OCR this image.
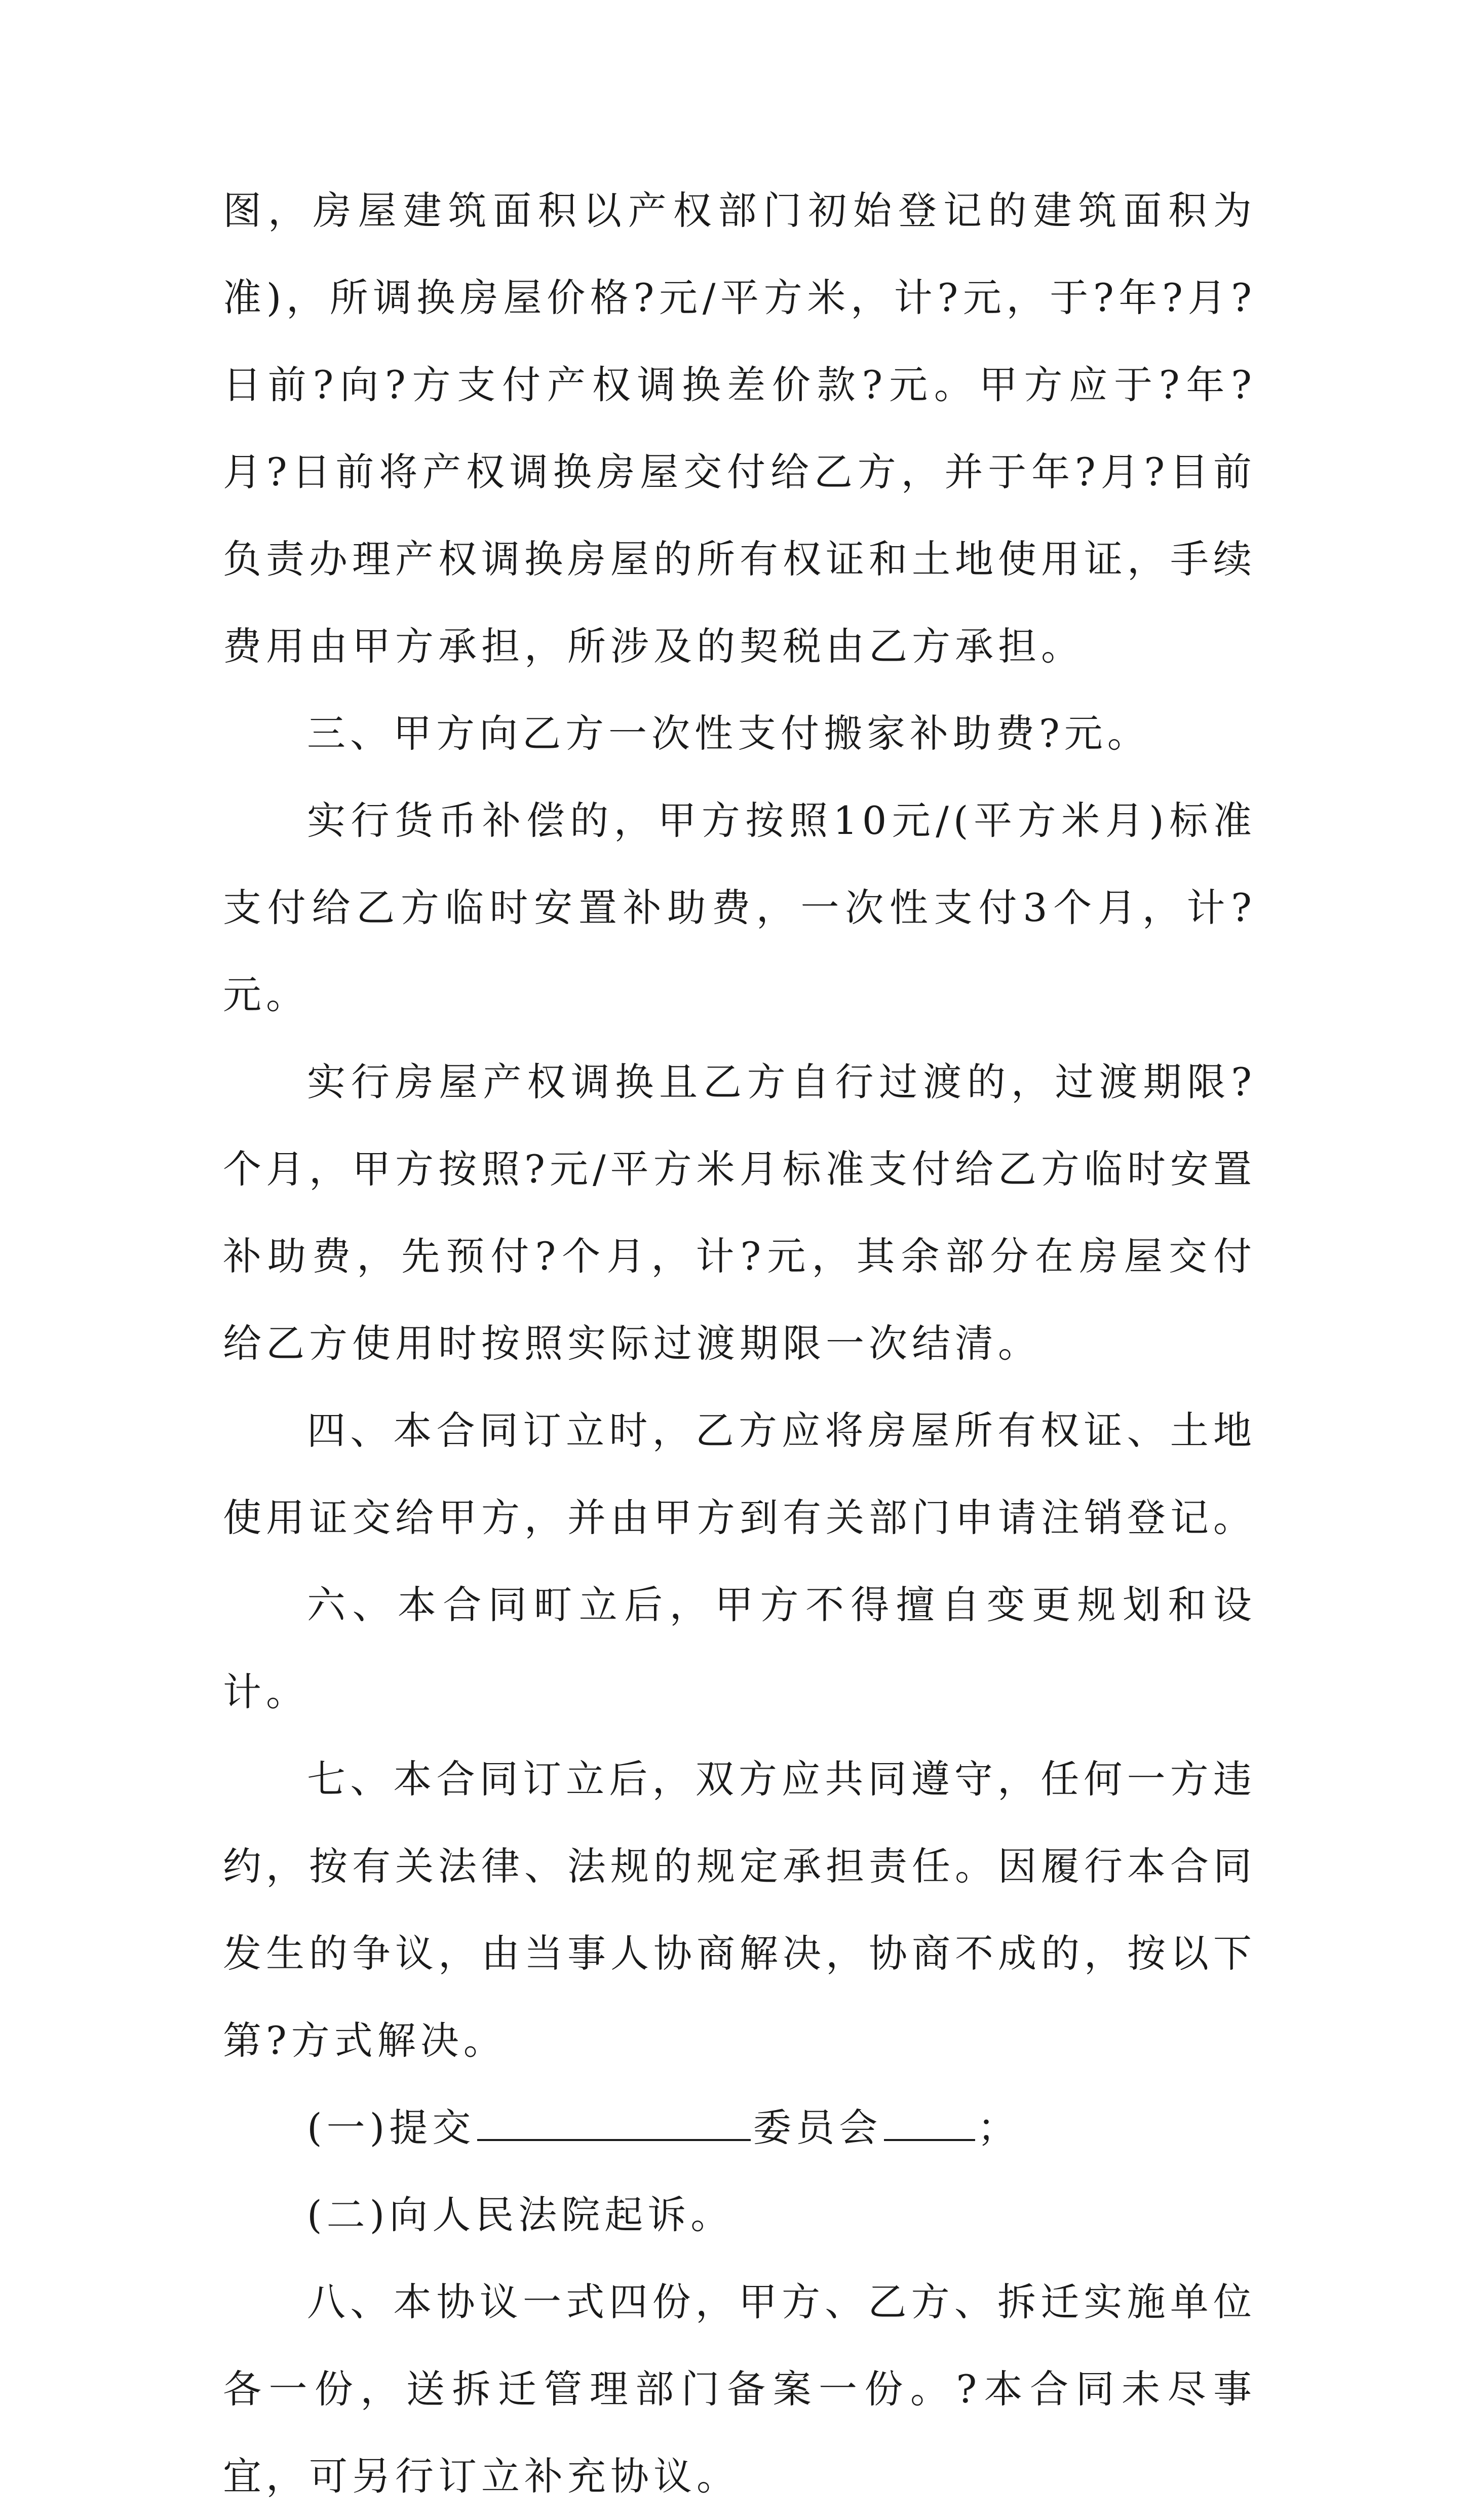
图，房屋建筑面积以产权部门初始登记的建筑面积为准)，所调换房屋价格?元/平方米，计?元，于?年?月?日前?向?方支付产权调换差价款?元。甲方应于?年?月?日前将产权调换房屋交付给乙方，并于年?月?目前负责办理产权调换房屋的所有权证和土地使用证，手续费用由甲方承担，所涉及的契税由乙方承担。

三、甲方向乙方一次性支付搬家补助费?元。

实行货币补偿的，甲方按照10元/(平方米月)标准支付给乙方临时安置补助费，一次性支付3个月，计?元。

实行房屋产权调换且乙方自行过渡的，过渡期限?个月，甲方按照?元/平方米月标准支付给乙方临时安置补助费，先预付?个月，计?元，其余部分在房屋交付给乙方使用时按照实际过渡期限一次结清。

四、本合同订立时，乙方应将房屋所有权证、土地使用证交给甲方，并由甲方到有关部门申请注销登记。

六、本合同町立后，甲方不得擅自变更规划和设计。

七、本合同订立后，双方应共同遵守，任何一方违约，按有关法律、法规的规定承担责任。因履行本合同发生的争议，由当事人协商解决，协商不成的，按以下第?方式解决。

(一)提交	委员会 ；

(二)向人民法院起诉。

八、本协议一式四份，甲方、乙方、拆迁实施单位各一份，送拆迁管理部门备案一份。?本合同未尽事宜，可另行订立补充协议。
